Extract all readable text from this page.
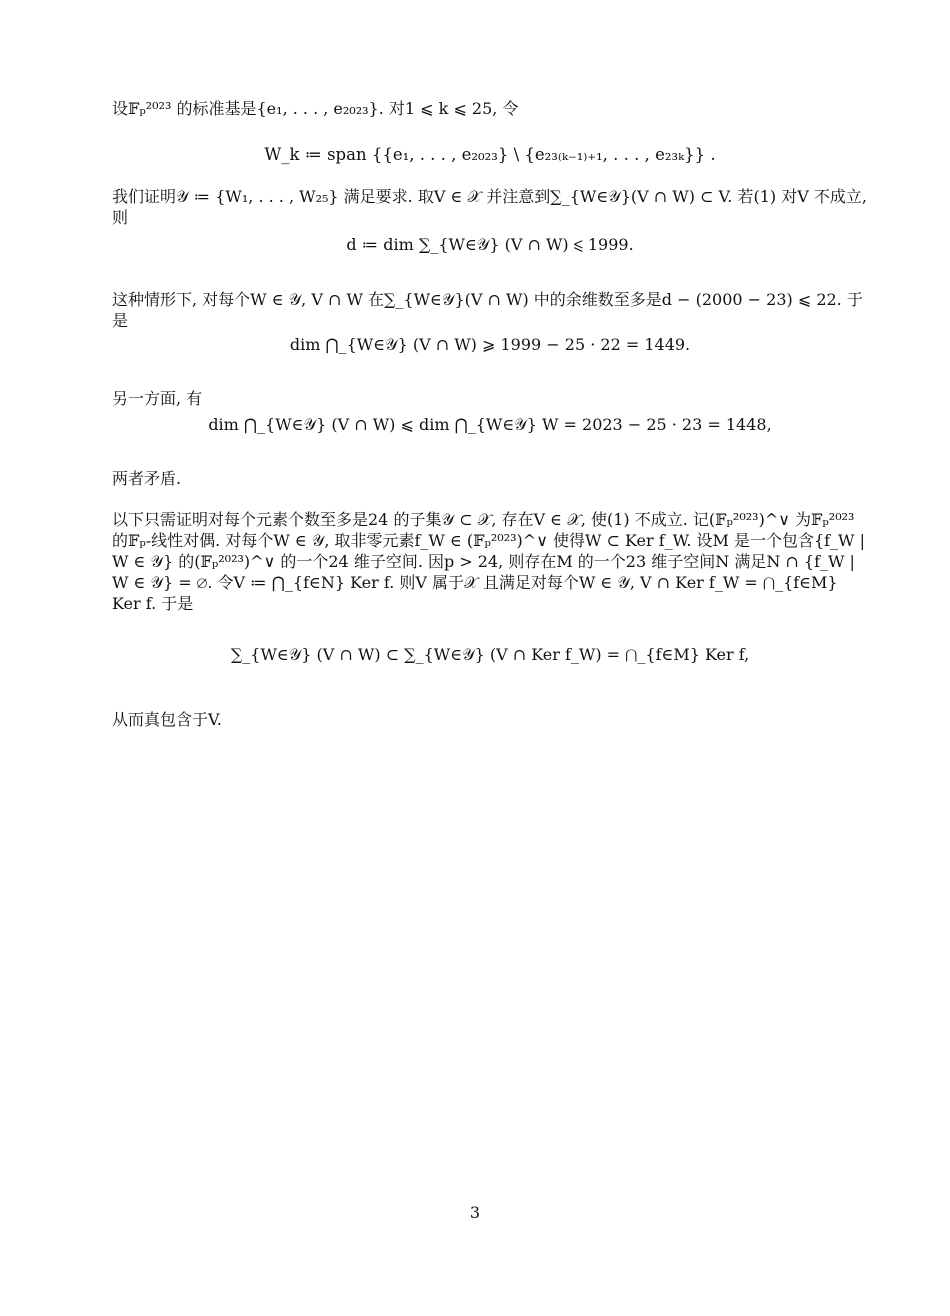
设𝔽ₚ²⁰²³ 的标准基是{e₁, . . . , e₂₀₂₃}. 对1 ⩽ k ⩽ 25, 令

W_k ≔ span {{e₁, . . . , e₂₀₂₃} \ {e₂₃₍ₖ₋₁₎₊₁, . . . , e₂₃ₖ}} .

我们证明𝒴 ≔ {W₁, . . . , W₂₅} 满足要求. 取V ∈ 𝒳 并注意到∑_{W∈𝒴}(V ∩ W) ⊂ V. 若(1) 对V 不成立, 则

d ≔ dim ∑_{W∈𝒴} (V ∩ W) ⩽ 1999.

这种情形下, 对每个W ∈ 𝒴, V ∩ W 在∑_{W∈𝒴}(V ∩ W) 中的余维数至多是d − (2000 − 23) ⩽ 22. 于是

dim ⋂_{W∈𝒴} (V ∩ W) ⩾ 1999 − 25 · 22 = 1449.

另一方面, 有

dim ⋂_{W∈𝒴} (V ∩ W) ⩽ dim ⋂_{W∈𝒴} W = 2023 − 25 · 23 = 1448,

两者矛盾.

以下只需证明对每个元素个数至多是24 的子集𝒴 ⊂ 𝒳, 存在V ∈ 𝒳, 使(1) 不成立. 记(𝔽ₚ²⁰²³)^∨ 为𝔽ₚ²⁰²³ 的𝔽ₚ-线性对偶. 对每个W ∈ 𝒴, 取非零元素f_W ∈ (𝔽ₚ²⁰²³)^∨ 使得W ⊂ Ker f_W. 设M 是一个包含{f_W | W ∈ 𝒴} 的(𝔽ₚ²⁰²³)^∨ 的一个24 维子空间. 因p > 24, 则存在M 的一个23 维子空间N 满足N ∩ {f_W | W ∈ 𝒴} = ∅. 令V ≔ ⋂_{f∈N} Ker f. 则V 属于𝒳 且满足对每个W ∈ 𝒴, V ∩ Ker f_W = ⋂_{f∈M} Ker f. 于是

∑_{W∈𝒴} (V ∩ W) ⊂ ∑_{W∈𝒴} (V ∩ Ker f_W) = ⋂_{f∈M} Ker f,

从而真包含于V.

3
